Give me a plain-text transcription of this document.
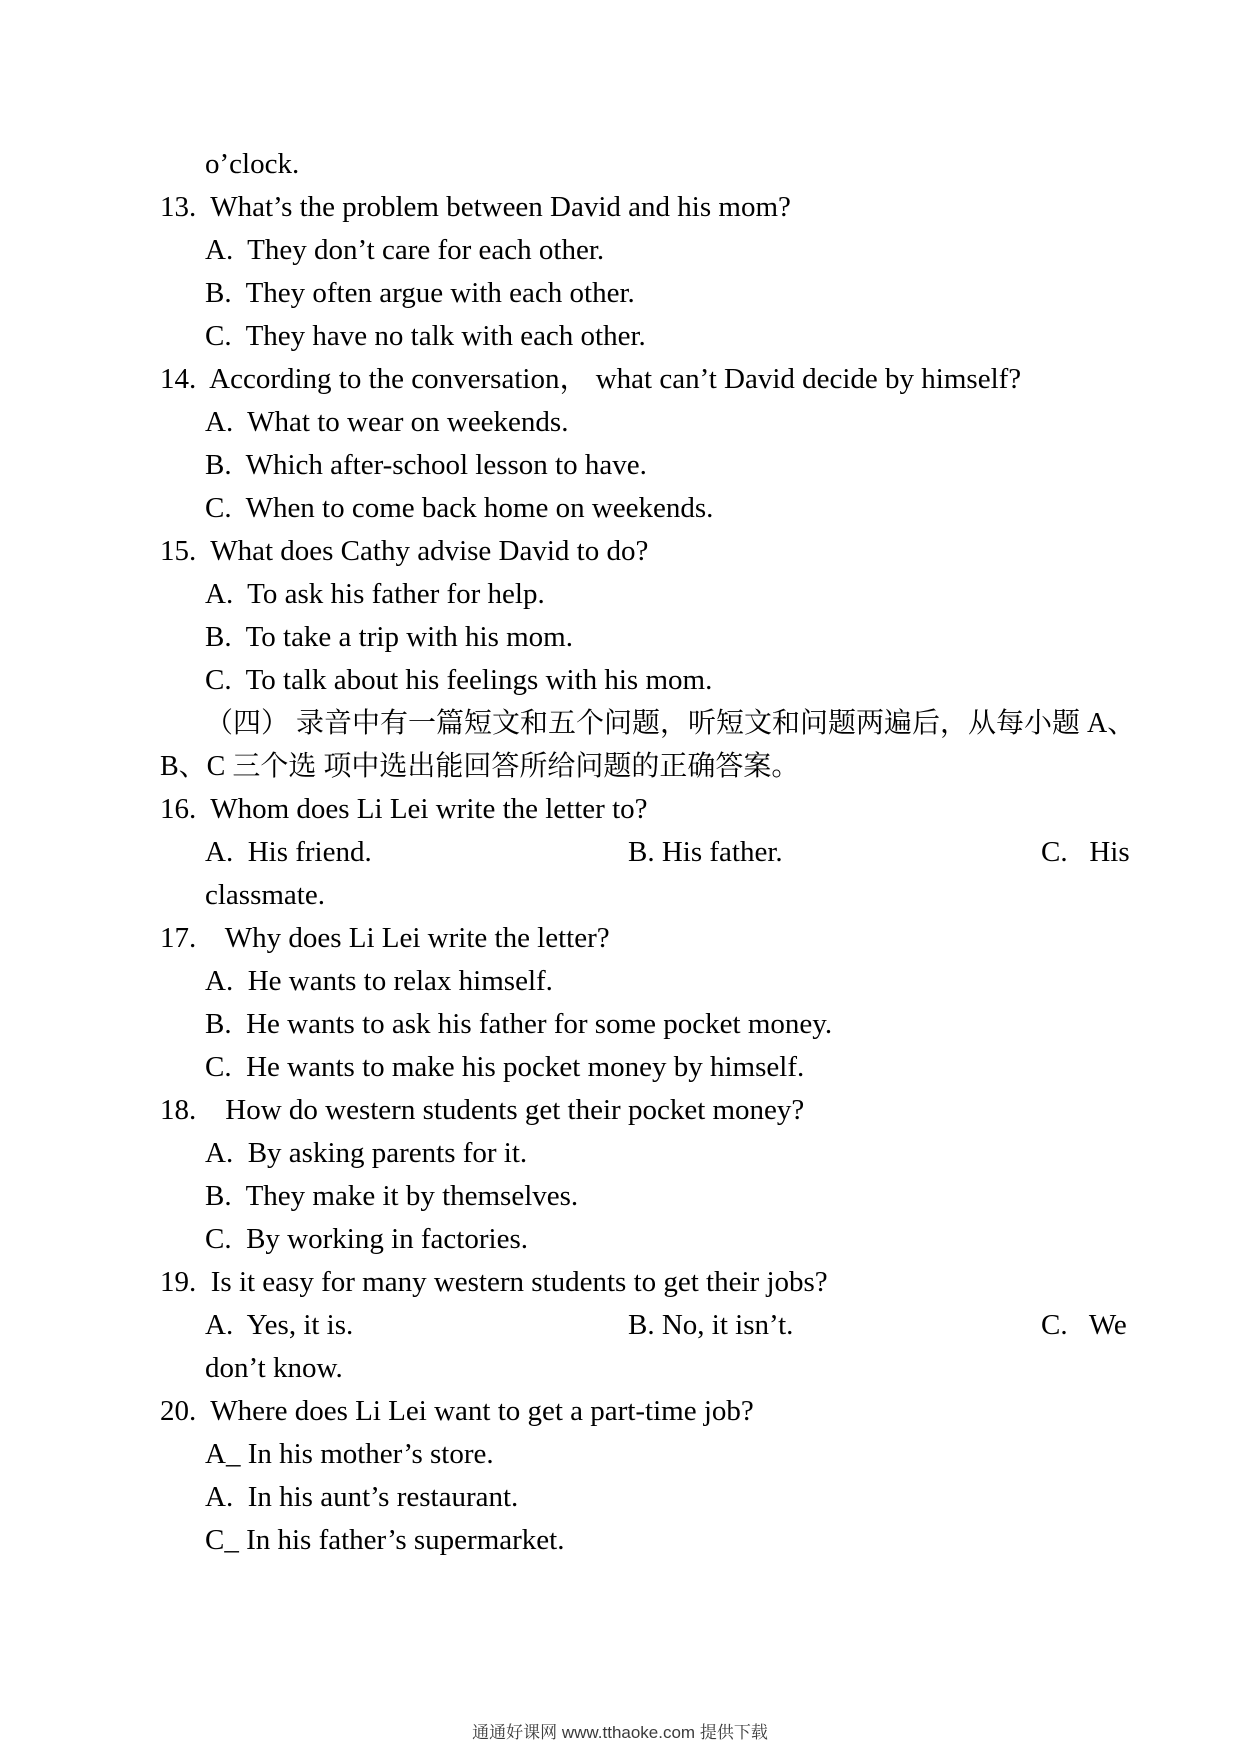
o’clock.
13.  What’s the problem between David and his mom?
A.  They don’t care for each other.
B.  They often argue with each other.
C.  They have no talk with each other.
14.  According to the conversation， what can’t David decide by himself?
A.  What to wear on weekends.
B.  Which after-school lesson to have.
C.  When to come back home on weekends.
15.  What does Cathy advise David to do?
A.  To ask his father for help.
B.  To take a trip with his mom.
C.  To talk about his feelings with his mom.
（四） 录音中有一篇短文和五个问题，听短文和问题两遍后，从每小题 A、
B、C 三个选 项中选出能回答所给问题的正确答案。
16.  Whom does Li Lei write the letter to?
A.  His friend.	B. His father.	C.   His
classmate.
17.    Why does Li Lei write the letter?
A.  He wants to relax himself.
B.  He wants to ask his father for some pocket money.
C.  He wants to make his pocket money by himself.
18.    How do western students get their pocket money?
A.  By asking parents for it.
B.  They make it by themselves.
C.  By working in factories.
19.  Is it easy for many western students to get their jobs?
A.  Yes, it is.	B. No, it isn’t.	C.   We
don’t know.
20.  Where does Li Lei want to get a part-time job?
A_ In his mother’s store.
A.  In his aunt’s restaurant.
C_ In his father’s supermarket.
通通好课网 www.tthaoke.com 提供下载
